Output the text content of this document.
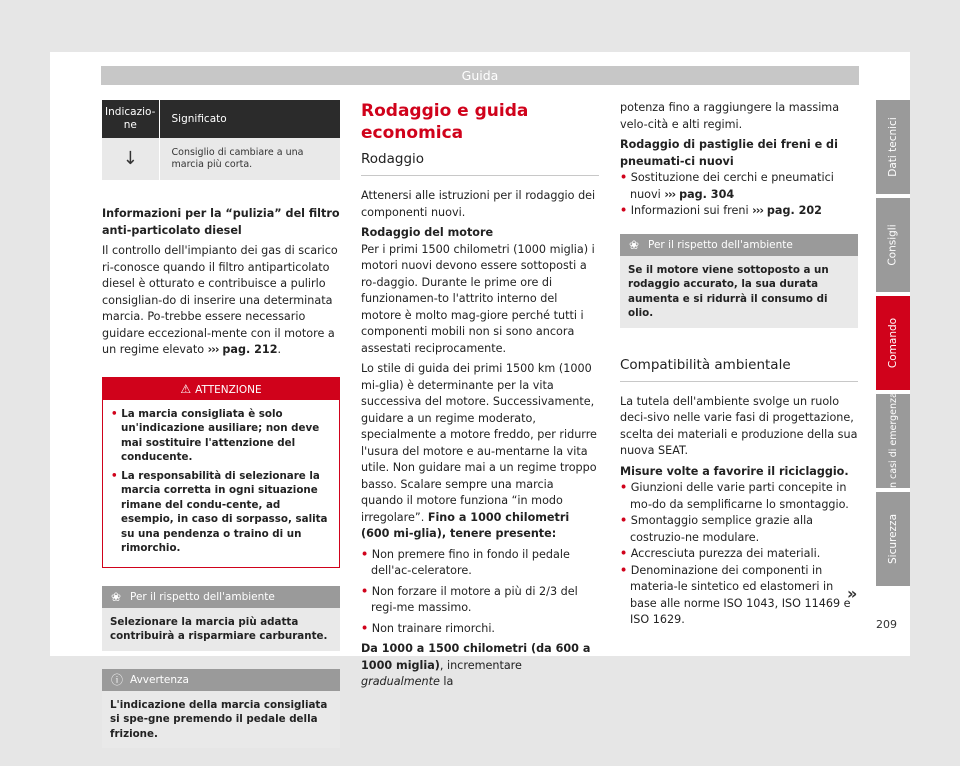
Guida
Indicazio-ne	Significato
↓	Consiglio di cambiare a una marcia più corta.

Informazioni per la “pulizia” del filtro anti-particolato diesel

Il controllo dell'impianto dei gas di scarico ri-conosce quando il filtro antiparticolato diesel è otturato e contribuisce a pulirlo consiglian-do di inserire una determinata marcia. Po-trebbe essere necessario guidare eccezional-mente con il motore a un regime elevato ››› pag. 212.

⚠ ATTENZIONE

• La marcia consigliata è solo un'indicazione ausiliare; non deve mai sostituire l'attenzione del conducente.

• La responsabilità di selezionare la marcia corretta in ogni situazione rimane del condu-cente, ad esempio, in caso di sorpasso, salita su una pendenza o traino di un rimorchio.

❀ Per il rispetto dell'ambiente
Selezionare la marcia più adatta contribuirà a risparmiare carburante.
ⓘ Avvertenza
L'indicazione della marcia consigliata si spe-gne premendo il pedale della frizione.
Rodaggio e guida economica
Rodaggio

Attenersi alle istruzioni per il rodaggio dei componenti nuovi.

Rodaggio del motore

Per i primi 1500 chilometri (1000 miglia) i motori nuovi devono essere sottoposti a ro-daggio. Durante le prime ore di funzionamen-to l'attrito interno del motore è molto mag-giore perché tutti i componenti mobili non si sono ancora assestati reciprocamente.

Lo stile di guida dei primi 1500 km (1000 mi-glia) è determinante per la vita successiva del motore. Successivamente, guidare a un regime moderato, specialmente a motore freddo, per ridurre l'usura del motore e au-mentarne la vita utile. Non guidare mai a un regime troppo basso. Scalare sempre una marcia quando il motore funziona “in modo irregolare”. Fino a 1000 chilometri (600 mi-glia), tenere presente:

• Non premere fino in fondo il pedale dell'ac-celeratore.

• Non forzare il motore a più di 2/3 del regi-me massimo.

• Non trainare rimorchi.

Da 1000 a 1500 chilometri (da 600 a 1000 miglia), incrementare gradualmente la

potenza fino a raggiungere la massima velo-cità e alti regimi.

Rodaggio di pastiglie dei freni e di pneumati-ci nuovi

• Sostituzione dei cerchi e pneumatici nuovi ››› pag. 304

• Informazioni sui freni ››› pag. 202

❀ Per il rispetto dell'ambiente
Se il motore viene sottoposto a un rodaggio accurato, la sua durata aumenta e si ridurrà il consumo di olio.
Compatibilità ambientale

La tutela dell'ambiente svolge un ruolo deci-sivo nelle varie fasi di progettazione, scelta dei materiali e produzione della sua nuova SEAT.

Misure volte a favorire il riciclaggio.

• Giunzioni delle varie parti concepite in mo-do da semplificarne lo smontaggio.

• Smontaggio semplice grazie alla costruzio-ne modulare.

• Accresciuta purezza dei materiali.

• Denominazione dei componenti in materia-le sintetico ed elastomeri in base alle norme ISO 1043, ISO 11469 e ISO 1629.

»
Dati tecnici
Consigli
Comando
In casi di emergenza
Sicurezza
209
